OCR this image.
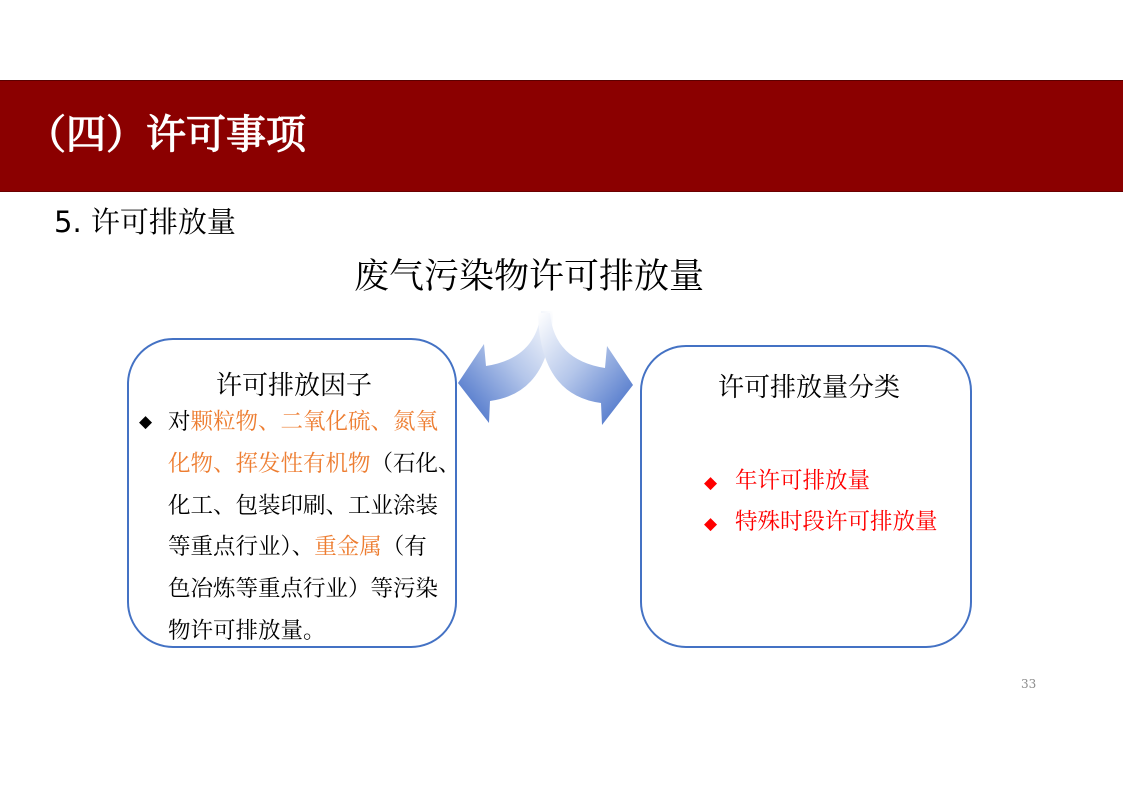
（四）许可事项
5. 许可排放量
废气污染物许可排放量
许可排放因子
◆ 对颗粒物、二氧化硫、氮氧
化物、挥发性有机物（石化、
化工、包装印刷、工业涂装
等重点行业）、重金属（有
色冶炼等重点行业）等污染
物许可排放量。
许可排放量分类
◆ 年许可排放量
◆ 特殊时段许可排放量
33
